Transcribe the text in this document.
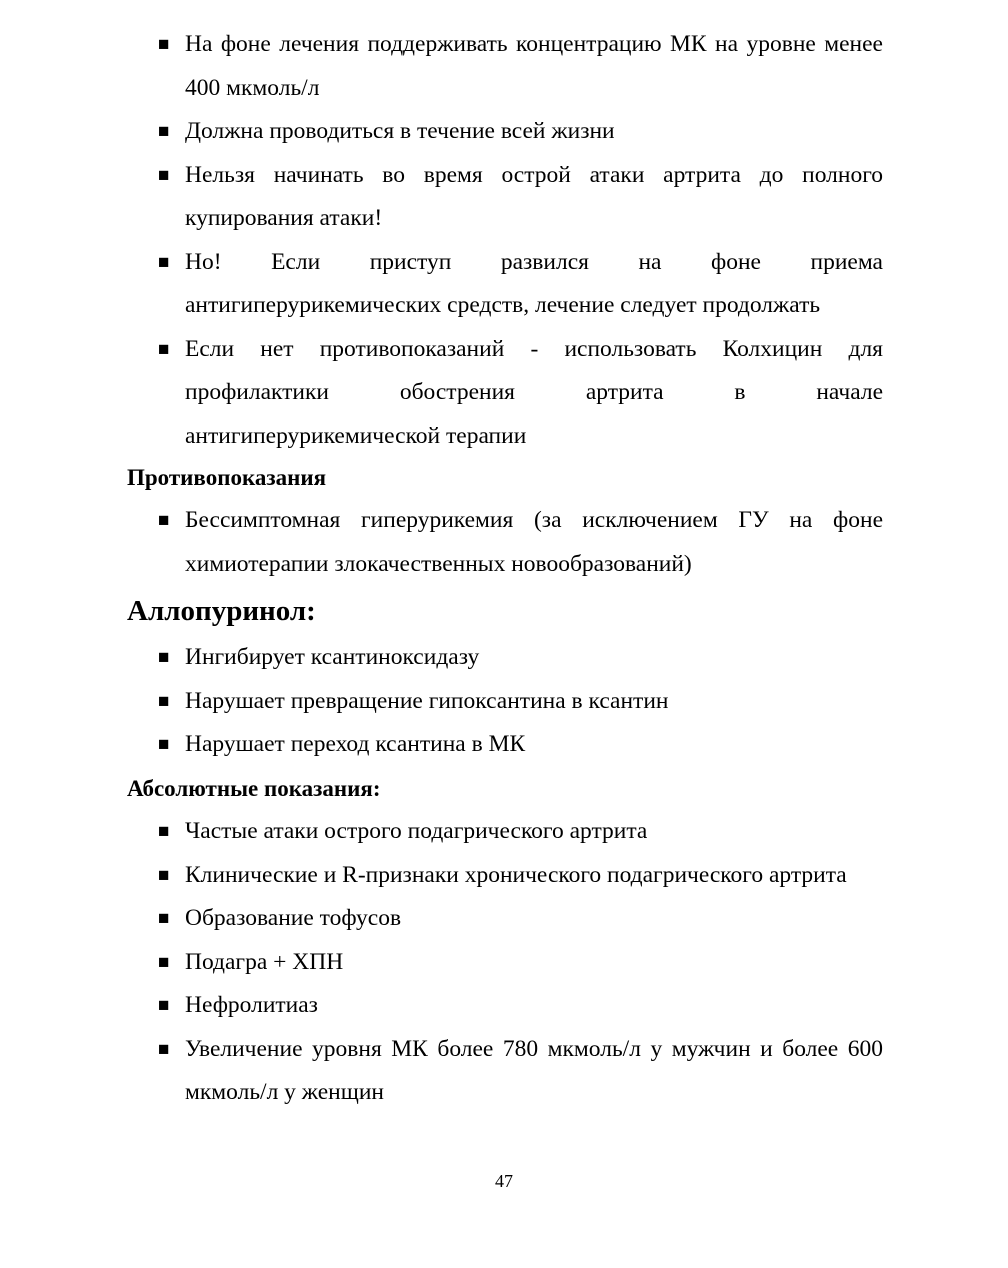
■ На фоне лечения поддерживать концентрацию МК на уровне менее 400 мкмоль/л
■ Должна проводиться в течение всей жизни
■ Нельзя начинать во время острой атаки артрита до полного купирования атаки!
■ Но! Если приступ развился на фоне приема антигиперурикемических средств, лечение следует продолжать
■ Если нет противопоказаний - использовать Колхицин для профилактики обострения артрита в начале антигиперурикемической терапии
Противопоказания
■ Бессимптомная гиперурикемия (за исключением ГУ на фоне химиотерапии злокачественных новообразований)
Аллопуринол:
■ Ингибирует ксантиноксидазу
■ Нарушает превращение гипоксантина в ксантин
■ Нарушает переход ксантина в МК
Абсолютные показания:
■ Частые атаки острого подагрического артрита
■ Клинические и R-признаки хронического подагрического артрита
■ Образование тофусов
■ Подагра + ХПН
■ Нефролитиаз
■ Увеличение уровня МК более 780 мкмоль/л у мужчин и более 600 мкмоль/л у женщин
47
